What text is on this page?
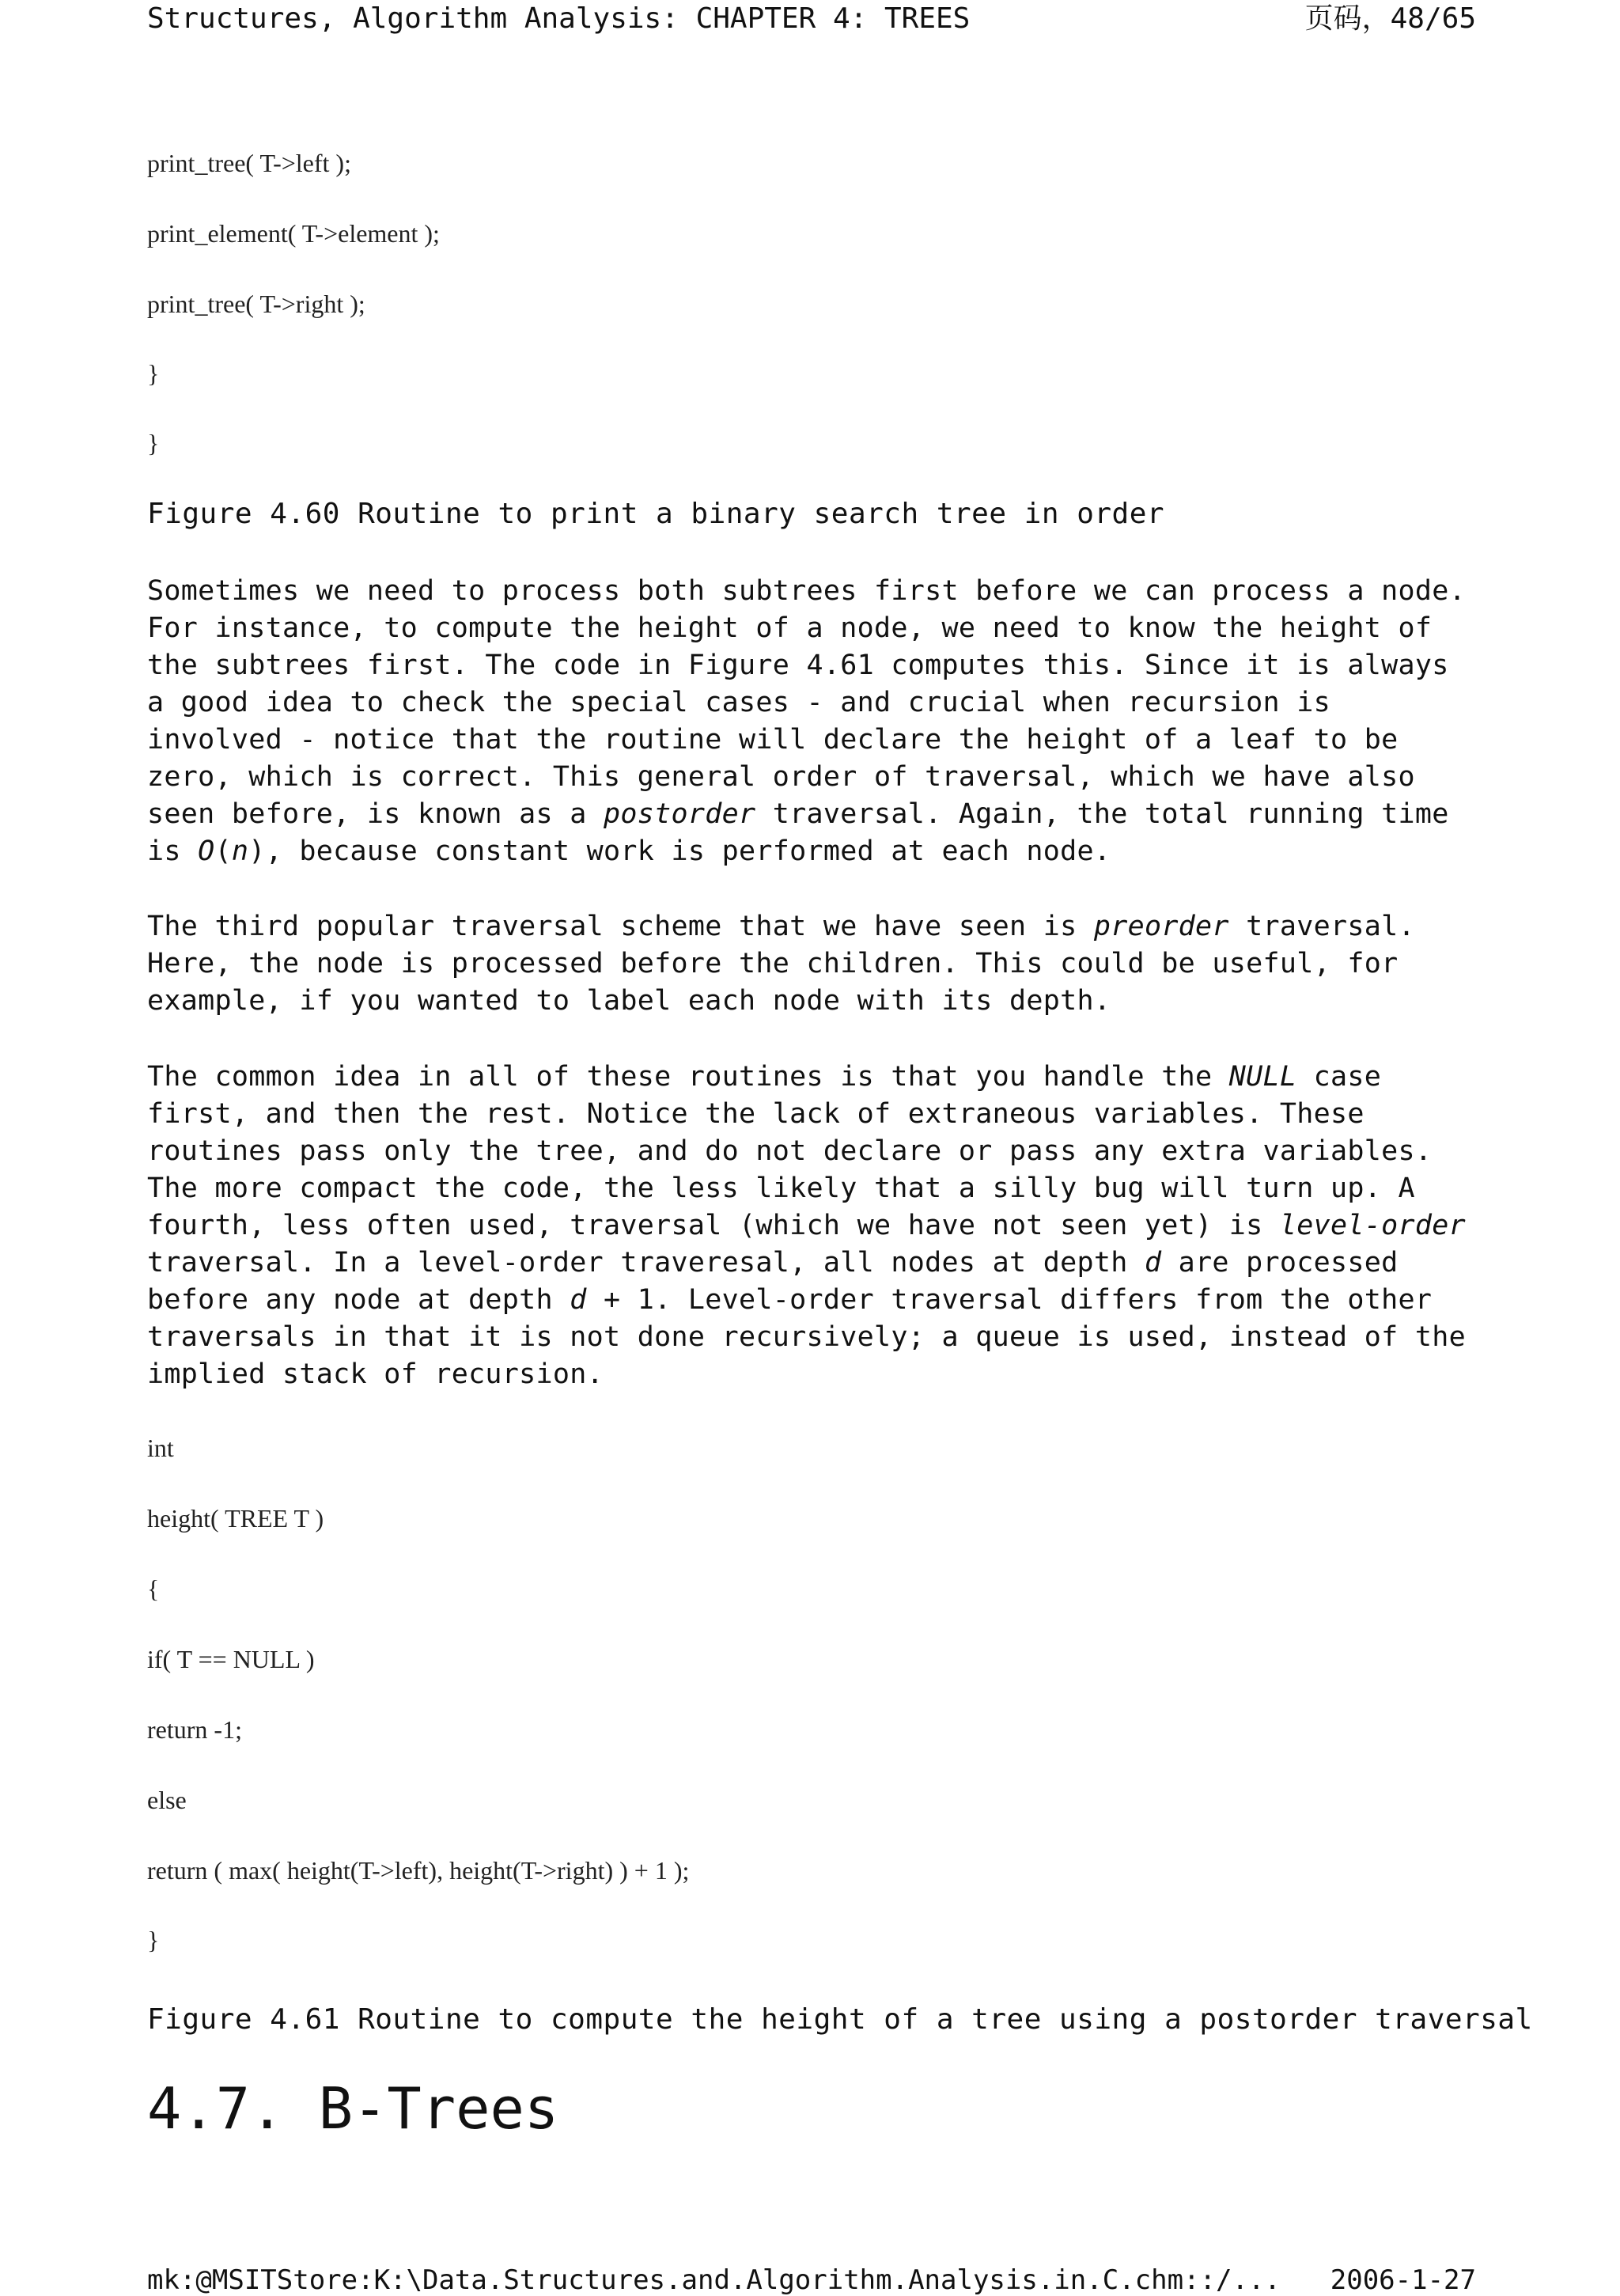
Structures, Algorithm Analysis: CHAPTER 4: TREES	页码，48/65
print_tree( T->left );
print_element( T->element );
print_tree( T->right );
}
}
Figure 4.60 Routine to print a binary search tree in order

Sometimes we need to process both subtrees first before we can process a node. For instance, to compute the height of a node, we need to know the height of the subtrees first. The code in Figure 4.61 computes this. Since it is always a good idea to check the special cases - and crucial when recursion is involved - notice that the routine will declare the height of a leaf to be zero, which is correct. This general order of traversal, which we have also seen before, is known as a postorder traversal. Again, the total running time is O(n), because constant work is performed at each node.

The third popular traversal scheme that we have seen is preorder traversal. Here, the node is processed before the children. This could be useful, for example, if you wanted to label each node with its depth.

The common idea in all of these routines is that you handle the NULL case first, and then the rest. Notice the lack of extraneous variables. These routines pass only the tree, and do not declare or pass any extra variables. The more compact the code, the less likely that a silly bug will turn up. A fourth, less often used, traversal (which we have not seen yet) is level-order traversal. In a level-order traveresal, all nodes at depth d are processed before any node at depth d + 1. Level-order traversal differs from the other traversals in that it is not done recursively; a queue is used, instead of the implied stack of recursion.

int
height( TREE T )
{
if( T == NULL )
return -1;
else
return ( max( height(T->left), height(T->right) ) + 1 );
}
Figure 4.61 Routine to compute the height of a tree using a postorder traversal
4.7. B-Trees
mk:@MSITStore:K:\Data.Structures.and.Algorithm.Analysis.in.C.chm::/... 2006-1-27
